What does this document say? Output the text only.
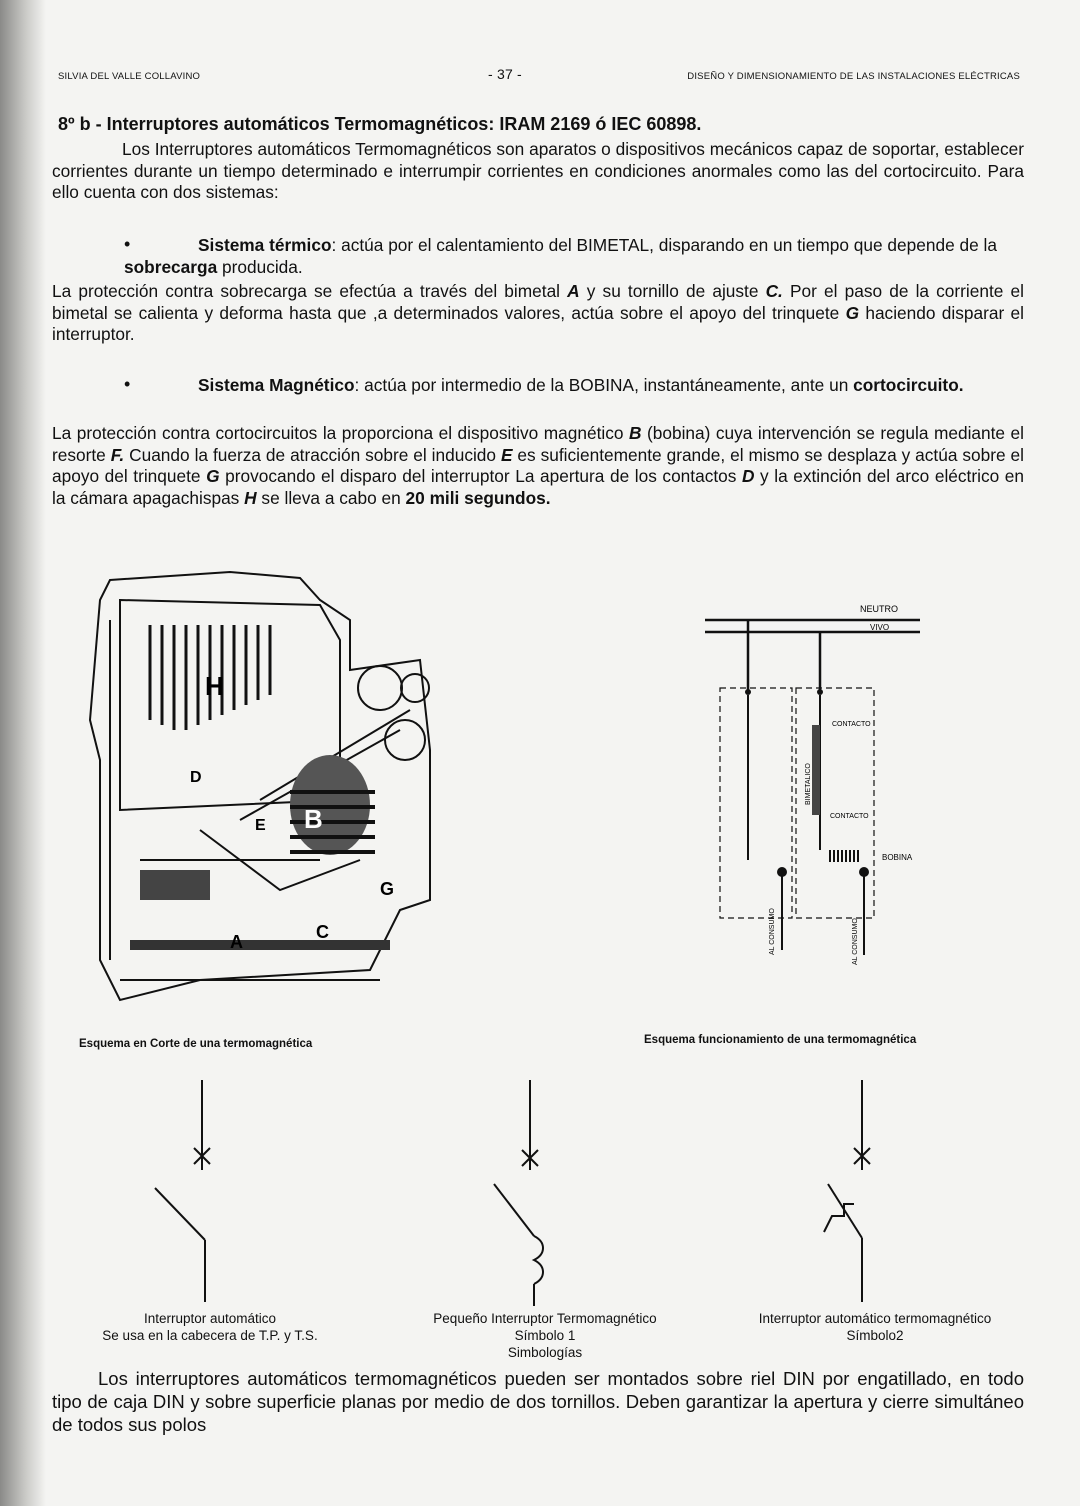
SILVIA DEL VALLE COLLAVINO	- 37 -	DISEÑO Y DIMENSIONAMIENTO DE LAS INSTALACIONES ELÉCTRICAS
8º b - Interruptores automáticos Termomagnéticos: IRAM 2169 ó IEC 60898.
Los Interruptores automáticos Termomagnéticos son aparatos o dispositivos mecánicos capaz de soportar, establecer corrientes durante un tiempo determinado e interrumpir corrientes en condiciones anormales como las del cortocircuito. Para ello cuenta con dos sistemas:
•	Sistema térmico: actúa por el calentamiento del BIMETAL, disparando en un tiempo que depende de la sobrecarga producida.
La protección contra sobrecarga se efectúa a través del bimetal A y su tornillo de ajuste C. Por el paso de la corriente el bimetal se calienta y deforma hasta que ,a determinados valores, actúa sobre el apoyo del trinquete G haciendo disparar el interruptor.
•	Sistema Magnético: actúa por intermedio de la BOBINA, instantáneamente, ante un cortocircuito.
La protección contra cortocircuitos la proporciona el dispositivo magnético B (bobina) cuya intervención se regula mediante el resorte F. Cuando la fuerza de atracción sobre el inducido E es suficientemente grande, el mismo se desplaza y actúa sobre el apoyo del trinquete G provocando el disparo del interruptor La apertura de los contactos D y la extinción del arco eléctrico en la cámara apagachispas H se lleva a cabo en 20 mili segundos.
H
D
B
E
G
A	C
Esquema en Corte de una termomagnética
NEUTRO
VIVO
CONTACTO
CONTACTO
BOBINA
BIMETALICO
AL CONSUMO	AL CONSUMO
Esquema funcionamiento de una termomagnética
Interruptor automático
Se usa en la cabecera de T.P. y T.S.
Pequeño Interruptor Termomagnético
Símbolo 1
Simbologías
Interruptor automático termomagnético
Símbolo2
Los interruptores automáticos termomagnéticos pueden ser montados sobre riel DIN por engatillado, en todo tipo de caja DIN y sobre superficie planas por medio de dos tornillos. Deben garantizar la apertura y cierre simultáneo de todos sus polos
